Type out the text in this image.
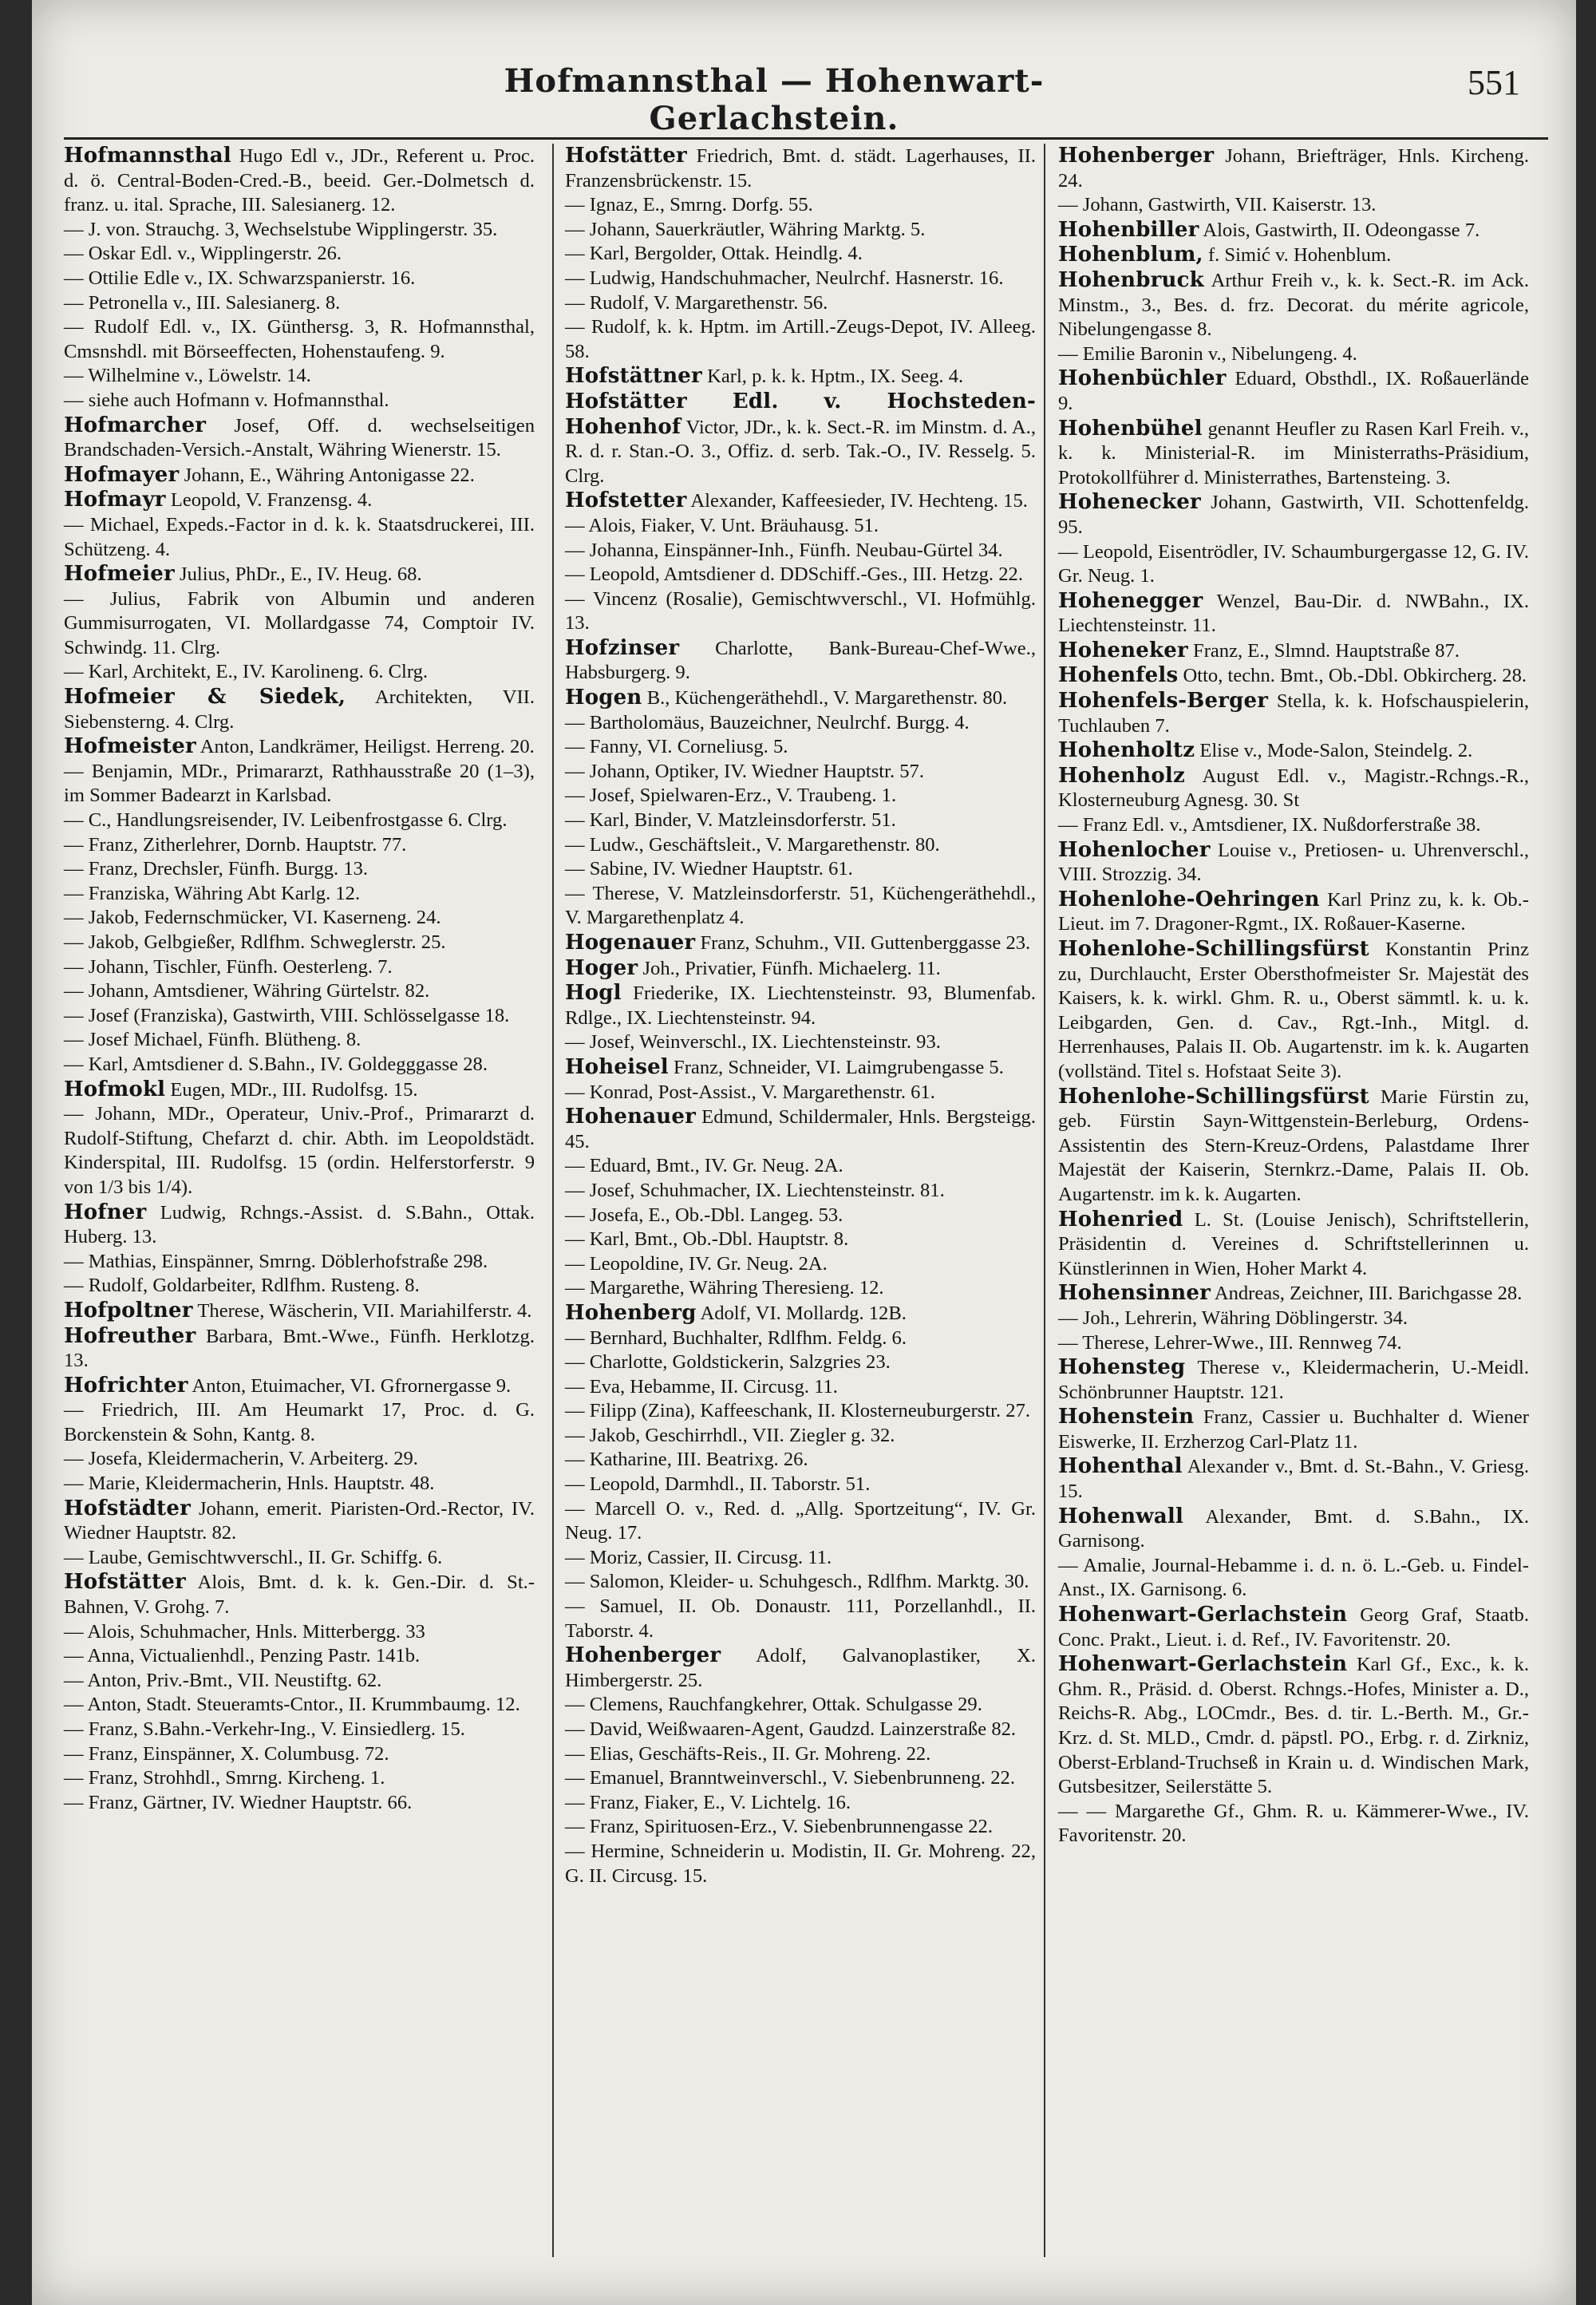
Hofmannsthal — Hohenwart-Gerlachstein.
551

Hofmannsthal Hugo Edl v., JDr., Referent u. Proc. d. ö. Central-Boden-Cred.-B., beeid. Ger.-Dolmetsch d. franz. u. ital. Sprache, III. Salesianerg. 12.

— J. von. Strauchg. 3, Wechselstube Wipplingerstr. 35.

— Oskar Edl. v., Wipplingerstr. 26.

— Ottilie Edle v., IX. Schwarzspanierstr. 16.

— Petronella v., III. Salesianerg. 8.

— Rudolf Edl. v., IX. Günthersg. 3, R. Hofmannsthal, Cmsnshdl. mit Börseeffecten, Hohenstaufeng. 9.

— Wilhelmine v., Löwelstr. 14.

— siehe auch Hofmann v. Hofmannsthal.

Hofmarcher Josef, Off. d. wechselseitigen Brandschaden-Versich.-Anstalt, Währing Wienerstr. 15.

Hofmayer Johann, E., Währing Antonigasse 22.

Hofmayr Leopold, V. Franzensg. 4.

— Michael, Expeds.-Factor in d. k. k. Staatsdruckerei, III. Schützeng. 4.

Hofmeier Julius, PhDr., E., IV. Heug. 68.

— Julius, Fabrik von Albumin und anderen Gummisurrogaten, VI. Mollardgasse 74, Comptoir IV. Schwindg. 11. Clrg.

— Karl, Architekt, E., IV. Karolineng. 6. Clrg.

Hofmeier & Siedek, Architekten, VII. Siebensterng. 4. Clrg.

Hofmeister Anton, Landkrämer, Heiligst. Herreng. 20.

— Benjamin, MDr., Primararzt, Rathhausstraße 20 (1–3), im Sommer Badearzt in Karlsbad.

— C., Handlungsreisender, IV. Leibenfrostgasse 6. Clrg.

— Franz, Zitherlehrer, Dornb. Hauptstr. 77.

— Franz, Drechsler, Fünfh. Burgg. 13.

— Franziska, Währing Abt Karlg. 12.

— Jakob, Federnschmücker, VI. Kaserneng. 24.

— Jakob, Gelbgießer, Rdlfhm. Schweglerstr. 25.

— Johann, Tischler, Fünfh. Oesterleng. 7.

— Johann, Amtsdiener, Währing Gürtelstr. 82.

— Josef (Franziska), Gastwirth, VIII. Schlösselgasse 18.

— Josef Michael, Fünfh. Blütheng. 8.

— Karl, Amtsdiener d. S.Bahn., IV. Goldegggasse 28.

Hofmokl Eugen, MDr., III. Rudolfsg. 15.

— Johann, MDr., Operateur, Univ.-Prof., Primararzt d. Rudolf-Stiftung, Chefarzt d. chir. Abth. im Leopoldstädt. Kinderspital, III. Rudolfsg. 15 (ordin. Helferstorferstr. 9 von 1/3 bis 1/4).

Hofner Ludwig, Rchngs.-Assist. d. S.Bahn., Ottak. Huberg. 13.

— Mathias, Einspänner, Smrng. Döblerhofstraße 298.

— Rudolf, Goldarbeiter, Rdlfhm. Rusteng. 8.

Hofpoltner Therese, Wäscherin, VII. Mariahilferstr. 4.

Hofreuther Barbara, Bmt.-Wwe., Fünfh. Herklotzg. 13.

Hofrichter Anton, Etuimacher, VI. Gfrornergasse 9.

— Friedrich, III. Am Heumarkt 17, Proc. d. G. Borckenstein & Sohn, Kantg. 8.

— Josefa, Kleidermacherin, V. Arbeiterg. 29.

— Marie, Kleidermacherin, Hnls. Hauptstr. 48.

Hofstädter Johann, emerit. Piaristen-Ord.-Rector, IV. Wiedner Hauptstr. 82.

— Laube, Gemischtwverschl., II. Gr. Schiffg. 6.

Hofstätter Alois, Bmt. d. k. k. Gen.-Dir. d. St.-Bahnen, V. Grohg. 7.

— Alois, Schuhmacher, Hnls. Mitterbergg. 33

— Anna, Victualienhdl., Penzing Pastr. 141b.

— Anton, Priv.-Bmt., VII. Neustiftg. 62.

— Anton, Stadt. Steueramts-Cntor., II. Krummbaumg. 12.

— Franz, S.Bahn.-Verkehr-Ing., V. Einsiedlerg. 15.

— Franz, Einspänner, X. Columbusg. 72.

— Franz, Strohhdl., Smrng. Kircheng. 1.

— Franz, Gärtner, IV. Wiedner Hauptstr. 66.

Hofstätter Friedrich, Bmt. d. städt. Lagerhauses, II. Franzensbrückenstr. 15.

— Ignaz, E., Smrng. Dorfg. 55.

— Johann, Sauerkräutler, Währing Marktg. 5.

— Karl, Bergolder, Ottak. Heindlg. 4.

— Ludwig, Handschuhmacher, Neulrchf. Hasnerstr. 16.

— Rudolf, V. Margarethenstr. 56.

— Rudolf, k. k. Hptm. im Artill.-Zeugs-Depot, IV. Alleeg. 58.

Hofstättner Karl, p. k. k. Hptm., IX. Seeg. 4.

Hofstätter Edl. v. Hochsteden-Hohenhof Victor, JDr., k. k. Sect.-R. im Minstm. d. A., R. d. r. Stan.-O. 3., Offiz. d. serb. Tak.-O., IV. Resselg. 5. Clrg.

Hofstetter Alexander, Kaffeesieder, IV. Hechteng. 15.

— Alois, Fiaker, V. Unt. Bräuhausg. 51.

— Johanna, Einspänner-Inh., Fünfh. Neubau-Gürtel 34.

— Leopold, Amtsdiener d. DDSchiff.-Ges., III. Hetzg. 22.

— Vincenz (Rosalie), Gemischtwverschl., VI. Hofmühlg. 13.

Hofzinser Charlotte, Bank-Bureau-Chef-Wwe., Habsburgerg. 9.

Hogen B., Küchengeräthehdl., V. Margarethenstr. 80.

— Bartholomäus, Bauzeichner, Neulrchf. Burgg. 4.

— Fanny, VI. Corneliusg. 5.

— Johann, Optiker, IV. Wiedner Hauptstr. 57.

— Josef, Spielwaren-Erz., V. Traubeng. 1.

— Karl, Binder, V. Matzleinsdorferstr. 51.

— Ludw., Geschäftsleit., V. Margarethenstr. 80.

— Sabine, IV. Wiedner Hauptstr. 61.

— Therese, V. Matzleinsdorferstr. 51, Küchengeräthehdl., V. Margarethenplatz 4.

Hogenauer Franz, Schuhm., VII. Guttenberggasse 23.

Hoger Joh., Privatier, Fünfh. Michaelerg. 11.

Hogl Friederike, IX. Liechtensteinstr. 93, Blumenfab. Rdlge., IX. Liechtensteinstr. 94.

— Josef, Weinverschl., IX. Liechtensteinstr. 93.

Hoheisel Franz, Schneider, VI. Laimgrubengasse 5.

— Konrad, Post-Assist., V. Margarethenstr. 61.

Hohenauer Edmund, Schildermaler, Hnls. Bergsteigg. 45.

— Eduard, Bmt., IV. Gr. Neug. 2A.

— Josef, Schuhmacher, IX. Liechtensteinstr. 81.

— Josefa, E., Ob.-Dbl. Langeg. 53.

— Karl, Bmt., Ob.-Dbl. Hauptstr. 8.

— Leopoldine, IV. Gr. Neug. 2A.

— Margarethe, Währing Theresieng. 12.

Hohenberg Adolf, VI. Mollardg. 12B.

— Bernhard, Buchhalter, Rdlfhm. Feldg. 6.

— Charlotte, Goldstickerin, Salzgries 23.

— Eva, Hebamme, II. Circusg. 11.

— Filipp (Zina), Kaffeeschank, II. Klosterneuburgerstr. 27.

— Jakob, Geschirrhdl., VII. Ziegler g. 32.

— Katharine, III. Beatrixg. 26.

— Leopold, Darmhdl., II. Taborstr. 51.

— Marcell O. v., Red. d. „Allg. Sportzeitung“, IV. Gr. Neug. 17.

— Moriz, Cassier, II. Circusg. 11.

— Salomon, Kleider- u. Schuhgesch., Rdlfhm. Marktg. 30.

— Samuel, II. Ob. Donaustr. 111, Porzellanhdl., II. Taborstr. 4.

Hohenberger Adolf, Galvanoplastiker, X. Himbergerstr. 25.

— Clemens, Rauchfangkehrer, Ottak. Schulgasse 29.

— David, Weißwaaren-Agent, Gaudzd. Lainzerstraße 82.

— Elias, Geschäfts-Reis., II. Gr. Mohreng. 22.

— Emanuel, Branntweinverschl., V. Siebenbrunneng. 22.

— Franz, Fiaker, E., V. Lichtelg. 16.

— Franz, Spirituosen-Erz., V. Siebenbrunnengasse 22.

— Hermine, Schneiderin u. Modistin, II. Gr. Mohreng. 22, G. II. Circusg. 15.

Hohenberger Johann, Briefträger, Hnls. Kircheng. 24.

— Johann, Gastwirth, VII. Kaiserstr. 13.

Hohenbiller Alois, Gastwirth, II. Odeongasse 7.

Hohenblum, f. Simić v. Hohenblum.

Hohenbruck Arthur Freih v., k. k. Sect.-R. im Ack. Minstm., 3., Bes. d. frz. Decorat. du mérite agricole, Nibelungengasse 8.

— Emilie Baronin v., Nibelungeng. 4.

Hohenbüchler Eduard, Obsthdl., IX. Roßauerlände 9.

Hohenbühel genannt Heufler zu Rasen Karl Freih. v., k. k. Ministerial-R. im Ministerraths-Präsidium, Protokollführer d. Ministerrathes, Bartensteing. 3.

Hohenecker Johann, Gastwirth, VII. Schottenfeldg. 95.

— Leopold, Eisentrödler, IV. Schaumburgergasse 12, G. IV. Gr. Neug. 1.

Hohenegger Wenzel, Bau-Dir. d. NWBahn., IX. Liechtensteinstr. 11.

Hoheneker Franz, E., Slmnd. Hauptstraße 87.

Hohenfels Otto, techn. Bmt., Ob.-Dbl. Obkircherg. 28.

Hohenfels-Berger Stella, k. k. Hofschauspielerin, Tuchlauben 7.

Hohenholtz Elise v., Mode-Salon, Steindelg. 2.

Hohenholz August Edl. v., Magistr.-Rchngs.-R., Klosterneuburg Agnesg. 30. St

— Franz Edl. v., Amtsdiener, IX. Nußdorferstraße 38.

Hohenlocher Louise v., Pretiosen- u. Uhrenverschl., VIII. Strozzig. 34.

Hohenlohe-Oehringen Karl Prinz zu, k. k. Ob.-Lieut. im 7. Dragoner-Rgmt., IX. Roßauer-Kaserne.

Hohenlohe-Schillingsfürst Konstantin Prinz zu, Durchlaucht, Erster Obersthofmeister Sr. Majestät des Kaisers, k. k. wirkl. Ghm. R. u., Oberst sämmtl. k. u. k. Leibgarden, Gen. d. Cav., Rgt.-Inh., Mitgl. d. Herrenhauses, Palais II. Ob. Augartenstr. im k. k. Augarten (vollständ. Titel s. Hofstaat Seite 3).

Hohenlohe-Schillingsfürst Marie Fürstin zu, geb. Fürstin Sayn-Wittgenstein-Berleburg, Ordens-Assistentin des Stern-Kreuz-Ordens, Palastdame Ihrer Majestät der Kaiserin, Sternkrz.-Dame, Palais II. Ob. Augartenstr. im k. k. Augarten.

Hohenried L. St. (Louise Jenisch), Schriftstellerin, Präsidentin d. Vereines d. Schriftstellerinnen u. Künstlerinnen in Wien, Hoher Markt 4.

Hohensinner Andreas, Zeichner, III. Barichgasse 28.

— Joh., Lehrerin, Währing Döblingerstr. 34.

— Therese, Lehrer-Wwe., III. Rennweg 74.

Hohensteg Therese v., Kleidermacherin, U.-Meidl. Schönbrunner Hauptstr. 121.

Hohenstein Franz, Cassier u. Buchhalter d. Wiener Eiswerke, II. Erzherzog Carl-Platz 11.

Hohenthal Alexander v., Bmt. d. St.-Bahn., V. Griesg. 15.

Hohenwall Alexander, Bmt. d. S.Bahn., IX. Garnisong.

— Amalie, Journal-Hebamme i. d. n. ö. L.-Geb. u. Findel-Anst., IX. Garnisong. 6.

Hohenwart-Gerlachstein Georg Graf, Staatb. Conc. Prakt., Lieut. i. d. Ref., IV. Favoritenstr. 20.

Hohenwart-Gerlachstein Karl Gf., Exc., k. k. Ghm. R., Präsid. d. Oberst. Rchngs.-Hofes, Minister a. D., Reichs-R. Abg., LOCmdr., Bes. d. tir. L.-Berth. M., Gr.-Krz. d. St. MLD., Cmdr. d. päpstl. PO., Erbg. r. d. Zirkniz, Oberst-Erbland-Truchseß in Krain u. d. Windischen Mark, Gutsbesitzer, Seilerstätte 5.

— — Margarethe Gf., Ghm. R. u. Kämmerer-Wwe., IV. Favoritenstr. 20.
